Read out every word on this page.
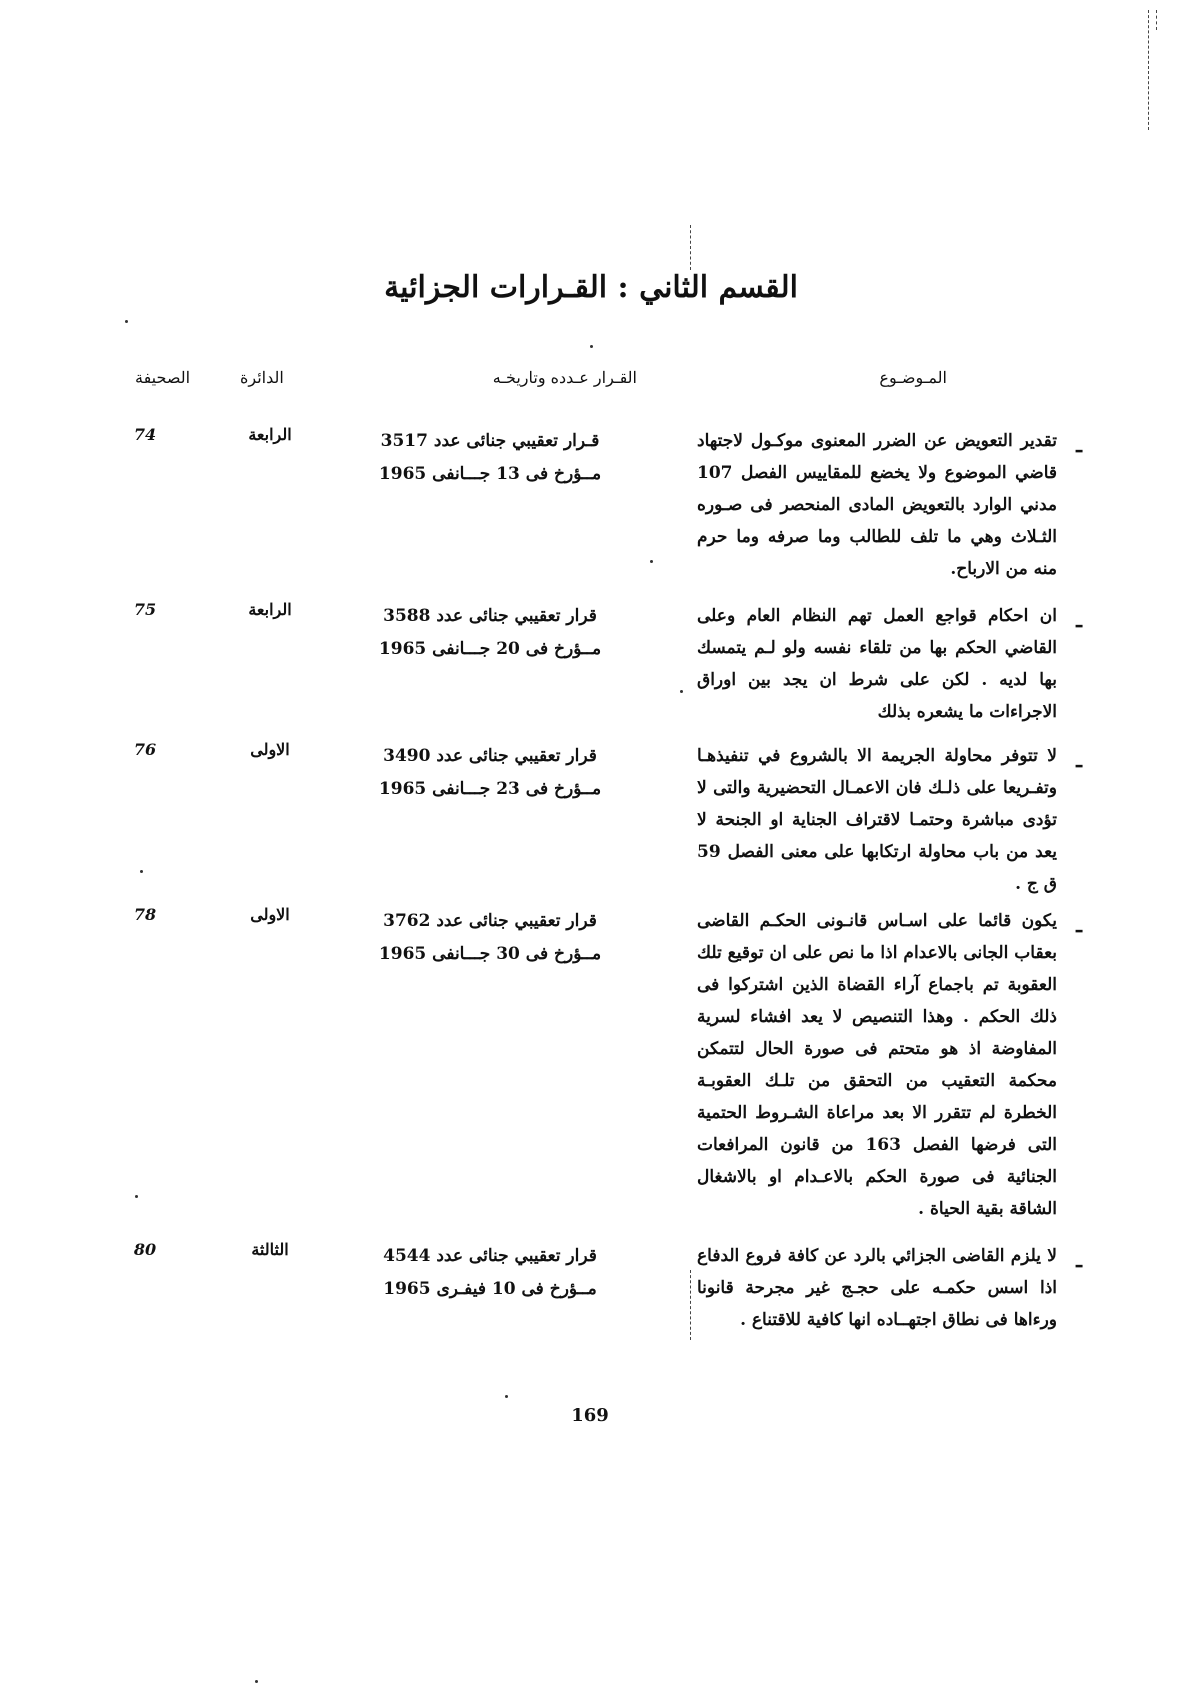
القسم الثاني : القـرارات الجزائية
المـوضـوع
القـرار عـدده وتاريخـه
الدائرة
الصحيفة
ـ
تقدير التعويض عن الضرر المعنوى موكـول لاجتهاد قاضي الموضوع ولا يخضع للمقاييس الفصل 107 مدني الوارد بالتعويض المادى المنحصر فى صـوره الثـلاث وهي ما تلف للطالب وما صرفه وما حرم منه من الارباح.
قـرار تعقيبي جنائى عدد 3517
مــؤرخ فى 13 جـــانفى 1965
الرابعة
74
ـ
ان احكام قواجع العمل تهم النظام العام وعلى القاضي الحكم بها من تلقاء نفسه ولو لـم يتمسك بها لديه . لكن على شرط ان يجد بين اوراق الاجراءات ما يشعره بذلك
قرار تعقيبي جنائى عدد 3588
مــؤرخ فى 20 جـــانفى 1965
الرابعة
75
ـ
لا تتوفر محاولة الجريمة الا بالشروع في تنفيذهـا وتفـريعا على ذلـك فان الاعمـال التحضيرية والتى لا تؤدى مباشرة وحتمـا لاقتراف الجناية او الجنحة لا يعد من باب محاولة ارتكابها على معنى الفصل 59 ق ج .
قرار تعقيبي جنائى عدد 3490
مــؤرخ فى 23 جـــانفى 1965
الاولى
76
ـ
يكون قائما على اسـاس قانـونى الحكـم القاضى بعقاب الجانى بالاعدام اذا ما نص على ان توقيع تلك العقوبة تم باجماع آراء القضاة الذين اشتركوا فى ذلك الحكم . وهذا التنصيص لا يعد افشاء لسرية المفاوضة اذ هو متحتم فى صورة الحال لتتمكن محكمة التعقيب من التحقق من تلـك العقوبـة الخطرة لم تتقرر الا بعد مراعاة الشـروط الحتمية التى فرضها الفصل 163 من قانون المرافعات الجنائية فى صورة الحكم بالاعـدام او بالاشغال الشاقة بقية الحياة .
قرار تعقيبي جنائى عدد 3762
مــؤرخ فى 30 جـــانفى 1965
الاولى
78
ـ
لا يلزم القاضى الجزائي بالرد عن كافة فروع الدفاع اذا اسس حكمـه على حجـج غير مجرحة قانونا ورءاها فى نطاق اجتهــاده انها كافية للاقتناع .
قرار تعقيبي جنائى عدد 4544
مــؤرخ فى 10 فيفـرى 1965
الثالثة
80
169
